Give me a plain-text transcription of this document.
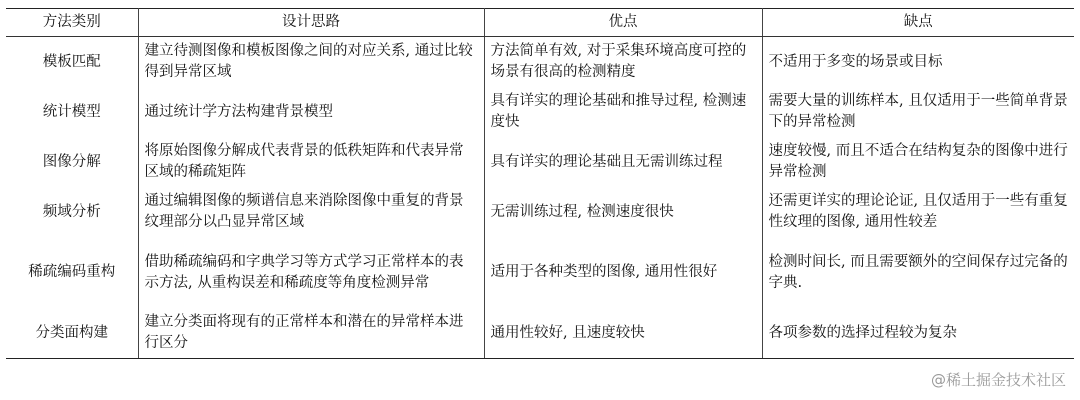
方法类别	设计思路	优点	缺点
模板匹配	建立待测图像和模板图像之间的对应关系, 通过比较得到异常区域	方法简单有效, 对于采集环境高度可控的场景有很高的检测精度	不适用于多变的场景或目标
统计模型	通过统计学方法构建背景模型	具有详实的理论基础和推导过程, 检测速度快	需要大量的训练样本, 且仅适用于一些简单背景下的异常检测
图像分解	将原始图像分解成代表背景的低秩矩阵和代表异常区域的稀疏矩阵	具有详实的理论基础且无需训练过程	速度较慢, 而且不适合在结构复杂的图像中进行异常检测
频域分析	通过编辑图像的频谱信息来消除图像中重复的背景纹理部分以凸显异常区域	无需训练过程, 检测速度很快	还需更详实的理论论证, 且仅适用于一些有重复性纹理的图像, 通用性较差
稀疏编码重构	借助稀疏编码和字典学习等方式学习正常样本的表示方法, 从重构误差和稀疏度等角度检测异常	适用于各种类型的图像, 通用性很好	检测时间长, 而且需要额外的空间保存过完备的字典.
分类面构建	建立分类面将现有的正常样本和潜在的异常样本进行区分	通用性较好, 且速度较快	各项参数的选择过程较为复杂
@稀土掘金技术社区
